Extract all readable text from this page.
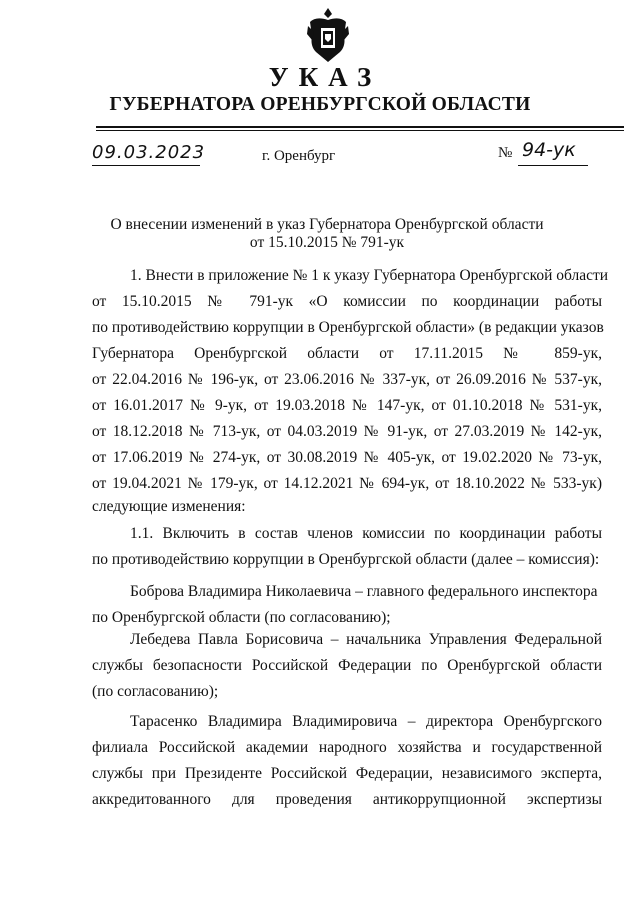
УКАЗ
ГУБЕРНАТОРА ОРЕНБУРГСКОЙ ОБЛАСТИ
09.03.2023	г. Оренбург	№ 94-ук
О внесении изменений в указ Губернатора Оренбургской области
от 15.10.2015 № 791-ук
1. Внести в приложение № 1 к указу Губернатора Оренбургской области
от 15.10.2015 № 791-ук «О комиссии по координации работы
по противодействию коррупции в Оренбургской области» (в редакции указов
Губернатора Оренбургской области от 17.11.2015 № 859-ук,
от 22.04.2016 № 196-ук, от 23.06.2016 № 337-ук, от 26.09.2016 № 537-ук,
от 16.01.2017 № 9-ук, от 19.03.2018 № 147-ук, от 01.10.2018 № 531-ук,
от 18.12.2018 № 713-ук, от 04.03.2019 № 91-ук, от 27.03.2019 № 142-ук,
от 17.06.2019 № 274-ук, от 30.08.2019 № 405-ук, от 19.02.2020 № 73-ук,
от 19.04.2021 № 179-ук, от 14.12.2021 № 694-ук, от 18.10.2022 № 533-ук)
следующие изменения:
1.1. Включить в состав членов комиссии по координации работы
по противодействию коррупции в Оренбургской области (далее – комиссия):
Боброва Владимира Николаевича – главного федерального инспектора
по Оренбургской области (по согласованию);
Лебедева Павла Борисовича – начальника Управления Федеральной
службы безопасности Российской Федерации по Оренбургской области
(по согласованию);
Тарасенко Владимира Владимировича – директора Оренбургского
филиала Российской академии народного хозяйства и государственной
службы при Президенте Российской Федерации, независимого эксперта,
аккредитованного для проведения антикоррупционной экспертизы
